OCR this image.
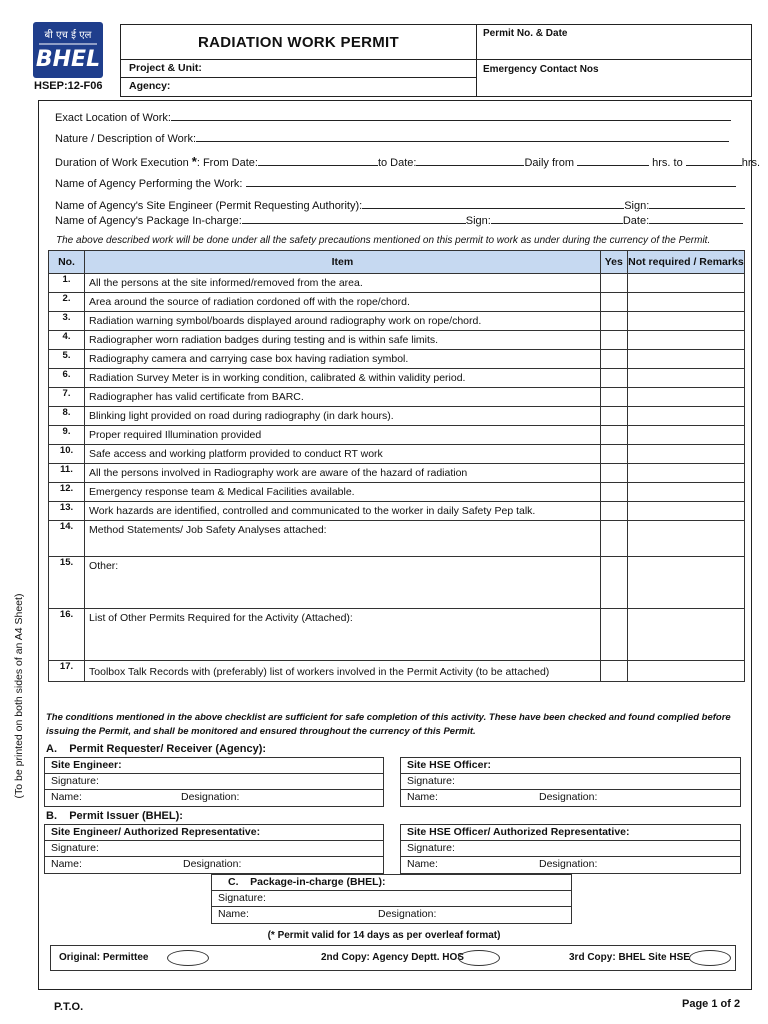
बी एच ई एल
BHEL
HSEP:12-F06
RADIATION WORK PERMIT	Permit No. & Date
Project & Unit:
Agency:
Emergency Contact Nos
(To be printed on both sides of an A4 Sheet)
Exact Location of Work:
Nature / Description of Work:
Duration of Work Execution *: From Date:	to Date:	Daily from	hrs. to	hrs.
Name of Agency Performing the Work:
Name of Agency's Site Engineer (Permit Requesting Authority):	Sign:
Name of Agency's Package In-charge:	Sign:	Date:
The above described work will be done under all the safety precautions mentioned on this permit to work as under during the currency of the Permit.
No.	Item	Yes	Not required / Remarks
1.	All the persons at the site informed/removed from the area.		
2.	Area around the source of radiation cordoned off with the rope/chord.		
3.	Radiation warning symbol/boards displayed around radiography work on rope/chord.		
4.	Radiographer worn radiation badges during testing and is within safe limits.		
5.	Radiography camera and carrying case box having radiation symbol.		
6.	Radiation Survey Meter is in working condition, calibrated & within validity period.		
7.	Radiographer has valid certificate from BARC.		
8.	Blinking light provided on road during radiography (in dark hours).		
9.	Proper required Illumination provided		
10.	Safe access and working platform provided to conduct RT work		
11.	All the persons involved in Radiography work are aware of the hazard of radiation		
12.	Emergency response team & Medical Facilities available.		
13.	Work hazards are identified, controlled and communicated to the worker in daily Safety Pep talk.		
14.	Method Statements/ Job Safety Analyses attached:		
15.	Other:		
16.	List of Other Permits Required for the Activity (Attached):		
17.	Toolbox Talk Records with (preferably) list of workers involved in the Permit Activity (to be attached)		
The conditions mentioned in the above checklist are sufficient for safe completion of this activity. These have been checked and found complied before issuing the Permit, and shall be monitored and ensured throughout the currency of this Permit.
A.    Permit Requester/ Receiver (Agency):
Site Engineer:
Signature:
Name:	Designation:
Site HSE Officer:
Signature:
Name:	Designation:
B.    Permit Issuer (BHEL):
Site Engineer/ Authorized Representative:
Signature:
Name:	Designation:
Site HSE Officer/ Authorized Representative:
Signature:
Name:	Designation:
C.    Package-in-charge (BHEL):
Signature:
Name:	Designation:
(* Permit valid for 14 days as per overleaf format)
Original: Permittee	2nd Copy: Agency Deptt. HOS	3rd Copy: BHEL Site HSE
P.T.O.	Page 1 of 2
